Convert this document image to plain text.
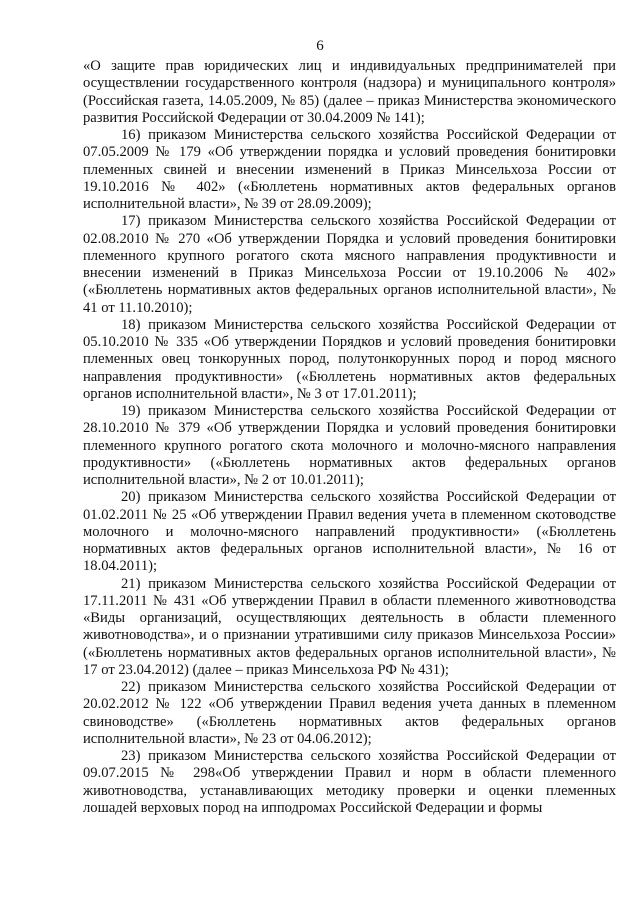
6

«О защите прав юридических лиц и индивидуальных предпринимателей при осуществлении государственного контроля (надзора) и муниципального контроля» (Российская газета, 14.05.2009, № 85) (далее – приказ Министерства экономического развития Российской Федерации от 30.04.2009 № 141);

16) приказом Министерства сельского хозяйства Российской Федерации от 07.05.2009 № 179 «Об утверждении порядка и условий проведения бонитировки племенных свиней и внесении изменений в Приказ Минсельхоза России от 19.10.2016 № 402» («Бюллетень нормативных актов федеральных органов исполнительной власти», № 39 от 28.09.2009);

17) приказом Министерства сельского хозяйства Российской Федерации от 02.08.2010 № 270 «Об утверждении Порядка и условий проведения бонитировки племенного крупного рогатого скота мясного направления продуктивности и внесении изменений в Приказ Минсельхоза России от 19.10.2006 № 402» («Бюллетень нормативных актов федеральных органов исполнительной власти», № 41 от 11.10.2010);

18) приказом Министерства сельского хозяйства Российской Федерации от 05.10.2010 № 335 «Об утверждении Порядков и условий проведения бонитировки племенных овец тонкорунных пород, полутонкорунных пород и пород мясного направления продуктивности» («Бюллетень нормативных актов федеральных органов исполнительной власти», № 3 от 17.01.2011);

19) приказом Министерства сельского хозяйства Российской Федерации от 28.10.2010 № 379 «Об утверждении Порядка и условий проведения бонитировки племенного крупного рогатого скота молочного и молочно-мясного направления продуктивности» («Бюллетень нормативных актов федеральных органов исполнительной власти», № 2 от 10.01.2011);

20) приказом Министерства сельского хозяйства Российской Федерации от 01.02.2011 № 25 «Об утверждении Правил ведения учета в племенном скотоводстве молочного и молочно-мясного направлений продуктивности» («Бюллетень нормативных актов федеральных органов исполнительной власти», № 16 от 18.04.2011);

21) приказом Министерства сельского хозяйства Российской Федерации от 17.11.2011 № 431 «Об утверждении Правил в области племенного животноводства «Виды организаций, осуществляющих деятельность в области племенного животноводства», и о признании утратившими силу приказов Минсельхоза России» («Бюллетень нормативных актов федеральных органов исполнительной власти», № 17 от 23.04.2012) (далее – приказ Минсельхоза РФ № 431);

22) приказом Министерства сельского хозяйства Российской Федерации от 20.02.2012 № 122 «Об утверждении Правил ведения учета данных в племенном свиноводстве» («Бюллетень нормативных актов федеральных органов исполнительной власти», № 23 от 04.06.2012);

23) приказом Министерства сельского хозяйства Российской Федерации от 09.07.2015 № 298«Об утверждении Правил и норм в области племенного животноводства, устанавливающих методику проверки и оценки племенных лошадей верховых пород на ипподромах Российской Федерации и формы
